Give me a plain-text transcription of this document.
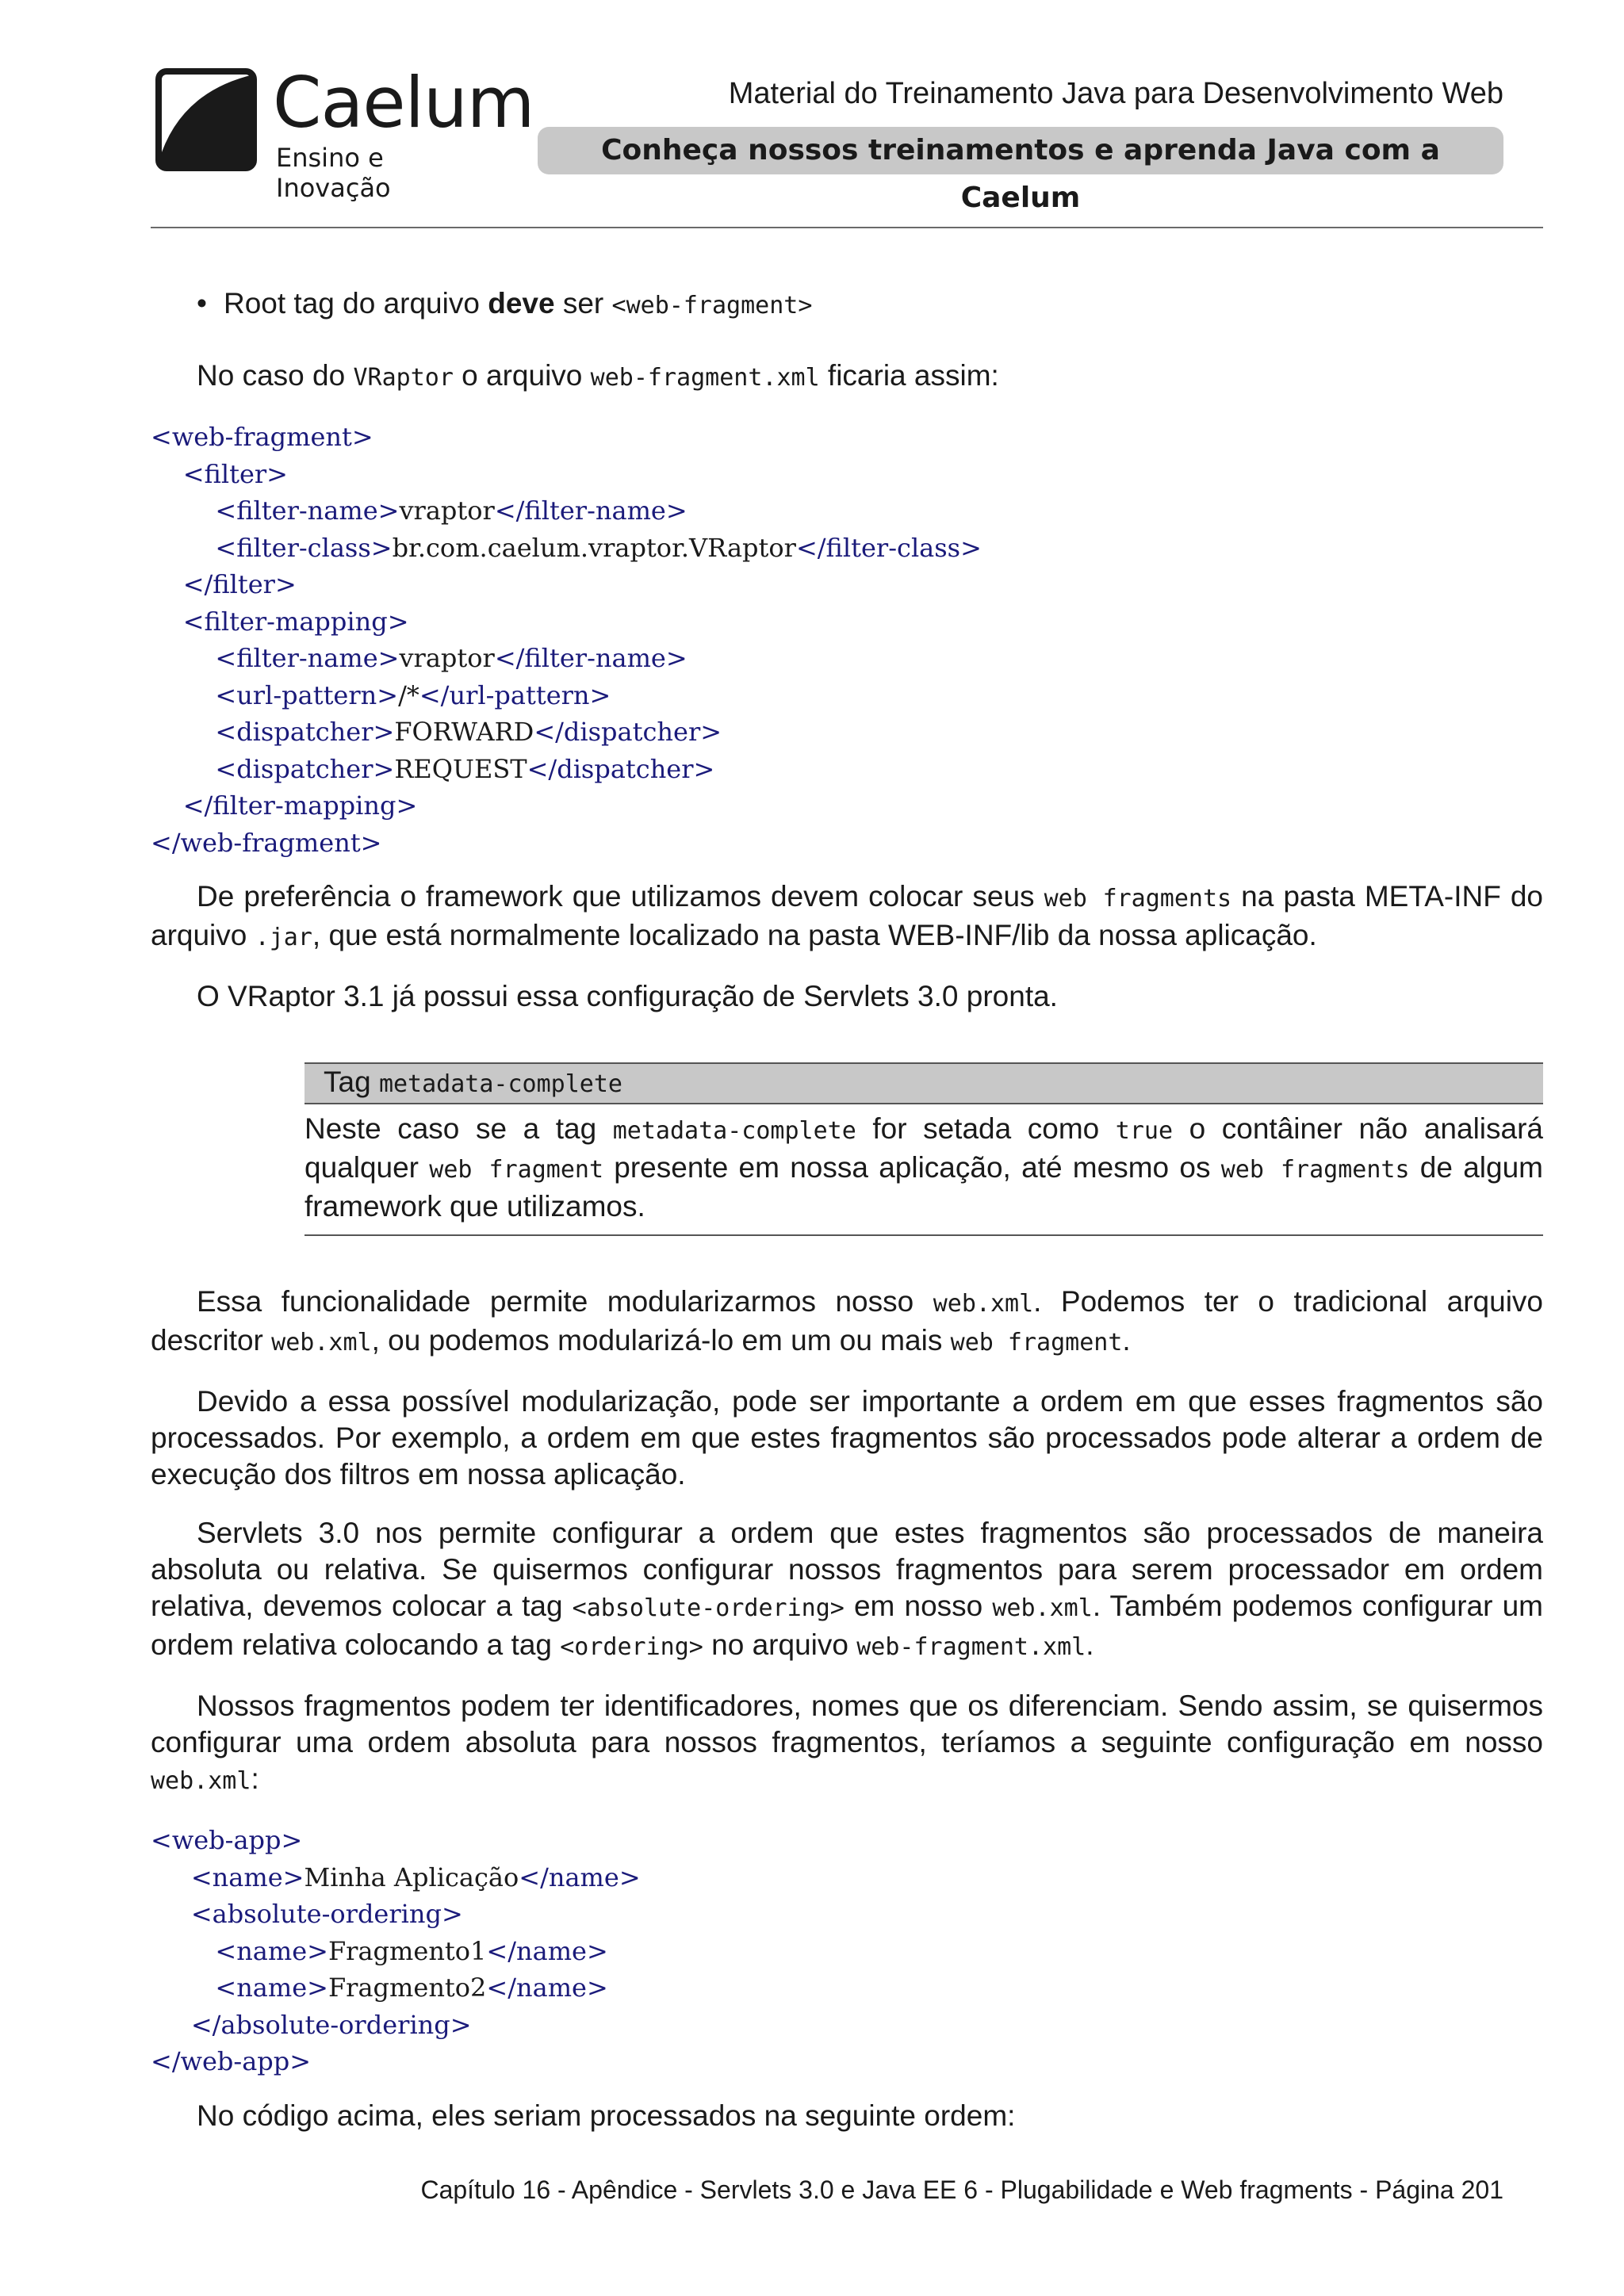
* Caelum
Ensino e Inovação
Material do Treinamento Java para Desenvolvimento Web
Conheça nossos treinamentos e aprenda Java com a Caelum
• Root tag do arquivo deve ser <web-fragment>

No caso do VRaptor o arquivo web-fragment.xml ficaria assim:

<web-fragment>
<filter>
<filter-name>vraptor</filter-name>
<filter-class>br.com.caelum.vraptor.VRaptor</filter-class>
</filter>
<filter-mapping>
<filter-name>vraptor</filter-name>
<url-pattern>/*</url-pattern>
<dispatcher>FORWARD</dispatcher>
<dispatcher>REQUEST</dispatcher>
</filter-mapping>
</web-fragment>

De preferência o framework que utilizamos devem colocar seus web fragments na pasta META-INF do arquivo .jar, que está normalmente localizado na pasta WEB-INF/lib da nossa aplicação.

O VRaptor 3.1 já possui essa configuração de Servlets 3.0 pronta.

Tag metadata-complete
Neste caso se a tag metadata-complete for setada como true o contâiner não analisará qualquer web fragment presente em nossa aplicação, até mesmo os web fragments de algum framework que utilizamos.

Essa funcionalidade permite modularizarmos nosso web.xml. Podemos ter o tradicional arquivo descritor web.xml, ou podemos modularizá-lo em um ou mais web fragment.

Devido a essa possível modularização, pode ser importante a ordem em que esses fragmentos são processados. Por exemplo, a ordem em que estes fragmentos são processados pode alterar a ordem de execução dos filtros em nossa aplicação.

Servlets 3.0 nos permite configurar a ordem que estes fragmentos são processados de maneira absoluta ou relativa. Se quisermos configurar nossos fragmentos para serem processador em ordem relativa, devemos colocar a tag <absolute-ordering> em nosso web.xml. Também podemos configurar um ordem relativa colocando a tag <ordering> no arquivo web-fragment.xml.

Nossos fragmentos podem ter identificadores, nomes que os diferenciam. Sendo assim, se quisermos configurar uma ordem absoluta para nossos fragmentos, teríamos a seguinte configuração em nosso web.xml:

<web-app>
<name>Minha Aplicação</name>
<absolute-ordering>
<name>Fragmento1</name>
<name>Fragmento2</name>
</absolute-ordering>
</web-app>

No código acima, eles seriam processados na seguinte ordem:

Capítulo 16 - Apêndice - Servlets 3.0 e Java EE 6 - Plugabilidade e Web fragments - Página 201
